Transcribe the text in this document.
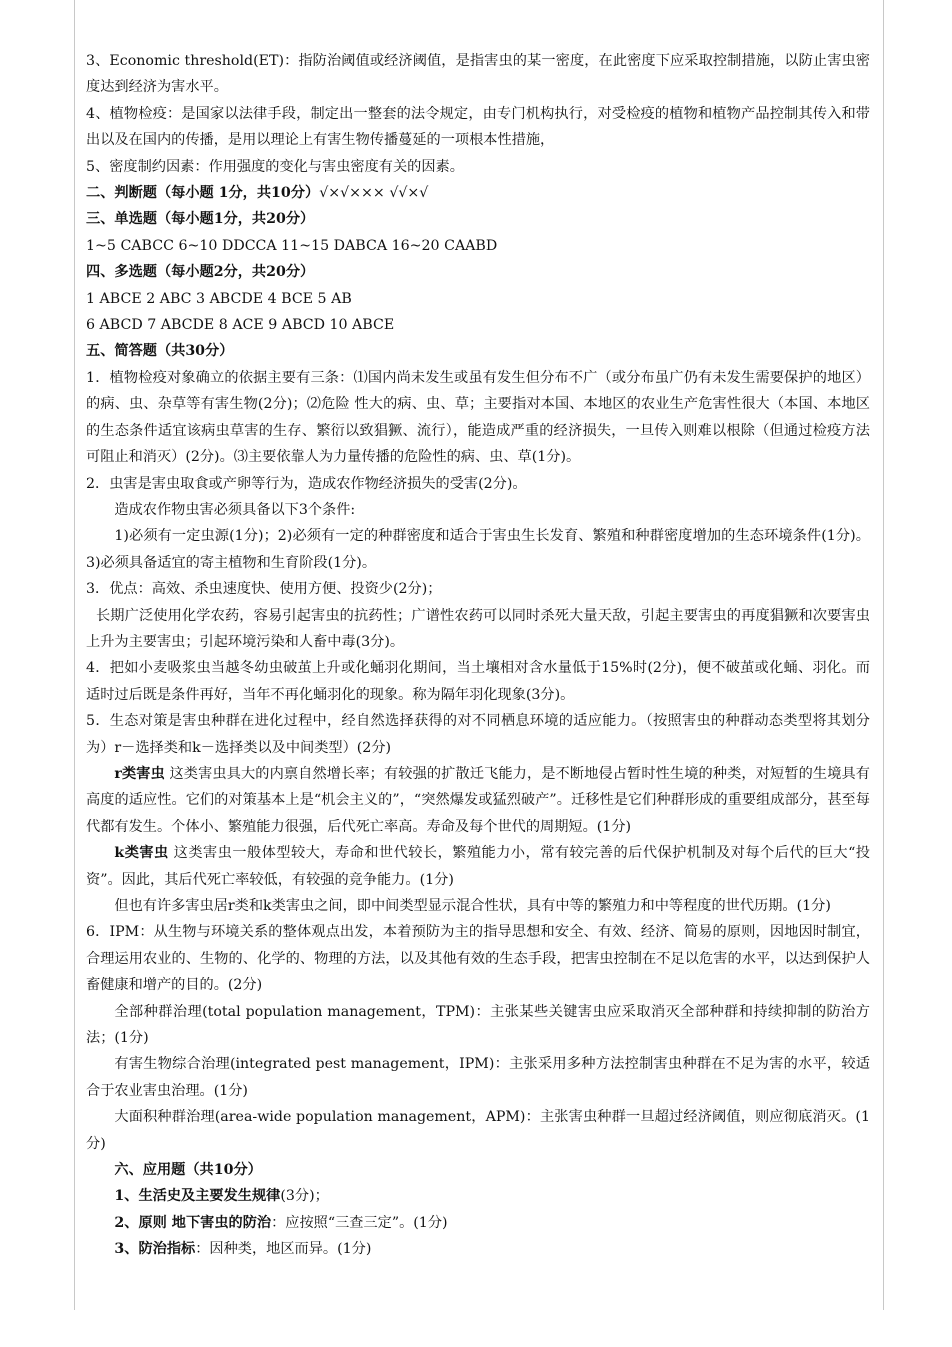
3、Economic threshold(ET)：指防治阈值或经济阈值，是指害虫的某一密度，在此密度下应采取控制措施，以防止害虫密度达到经济为害水平。

4、植物检疫：是国家以法律手段，制定出一整套的法令规定，由专门机构执行，对受检疫的植物和植物产品控制其传入和带出以及在国内的传播，是用以理论上有害生物传播蔓延的一项根本性措施，

5、密度制约因素：作用强度的变化与害虫密度有关的因素。

二、判断题（每小题 1分，共10分）√×√××× √√×√

三、单选题（每小题1分，共20分）

1~5 CABCC 6~10 DDCCA 11~15 DABCA 16~20 CAABD

四、多选题（每小题2分，共20分）

1 ABCE 2 ABC 3 ABCDE 4 BCE 5 AB

6 ABCD 7 ABCDE 8 ACE 9 ABCD 10 ABCE

五、简答题（共30分）

1．植物检疫对象确立的依据主要有三条：⑴国内尚未发生或虽有发生但分布不广（或分布虽广仍有未发生需要保护的地区）的病、虫、杂草等有害生物(2分)；⑵危险 性大的病、虫、草；主要指对本国、本地区的农业生产危害性很大（本国、本地区的生态条件适宜该病虫草害的生存、繁衍以致猖獗、流行），能造成严重的经济损失，一旦传入则难以根除（但通过检疫方法可阻止和消灭）(2分)。⑶主要依靠人为力量传播的危险性的病、虫、草(1分)。

2．虫害是害虫取食或产卵等行为，造成农作物经济损失的受害(2分)。

造成农作物虫害必须具备以下3个条件:

1)必须有一定虫源(1分)；2)必须有一定的种群密度和适合于害虫生长发育、繁殖和种群密度增加的生态环境条件(1分)。3)必须具备适宜的寄主植物和生育阶段(1分)。

3．优点：高效、杀虫速度快、使用方便、投资少(2分)；

长期广泛使用化学农药，容易引起害虫的抗药性；广谱性农药可以同时杀死大量天敌，引起主要害虫的再度猖獗和次要害虫上升为主要害虫；引起环境污染和人畜中毒(3分)。

4．把如小麦吸浆虫当越冬幼虫破茧上升或化蛹羽化期间，当土壤相对含水量低于15%时(2分)，便不破茧或化蛹、羽化。而适时过后既是条件再好，当年不再化蛹羽化的现象。称为隔年羽化现象(3分)。

5．生态对策是害虫种群在进化过程中，经自然选择获得的对不同栖息环境的适应能力。（按照害虫的种群动态类型将其划分为）r－选择类和k－选择类以及中间类型）(2分)

r类害虫 这类害虫具大的内禀自然增长率；有较强的扩散迁飞能力，是不断地侵占暂时性生境的种类，对短暂的生境具有高度的适应性。它们的对策基本上是“机会主义的”，“突然爆发或猛烈破产”。迁移性是它们种群形成的重要组成部分，甚至每代都有发生。个体小、繁殖能力很强，后代死亡率高。寿命及每个世代的周期短。(1分)

k类害虫 这类害虫一般体型较大，寿命和世代较长，繁殖能力小，常有较完善的后代保护机制及对每个后代的巨大“投资”。因此，其后代死亡率较低，有较强的竞争能力。(1分)

但也有许多害虫居r类和k类害虫之间，即中间类型显示混合性状，具有中等的繁殖力和中等程度的世代历期。(1分)

6．IPM：从生物与环境关系的整体观点出发，本着预防为主的指导思想和安全、有效、经济、简易的原则，因地因时制宜，合理运用农业的、生物的、化学的、物理的方法，以及其他有效的生态手段，把害虫控制在不足以危害的水平，以达到保护人畜健康和增产的目的。(2分)

全部种群治理(total population management，TPM)：主张某些关键害虫应采取消灭全部种群和持续抑制的防治方法；(1分)

有害生物综合治理(integrated pest management，IPM)：主张采用多种方法控制害虫种群在不足为害的水平，较适合于农业害虫治理。(1分)

大面积种群治理(area-wide population management，APM)：主张害虫种群一旦超过经济阈值，则应彻底消灭。(1分)

六、应用题（共10分）

1、生活史及主要发生规律(3分)；

2、原则 地下害虫的防治：应按照“三查三定”。(1分)

3、防治指标：因种类，地区而异。(1分)
